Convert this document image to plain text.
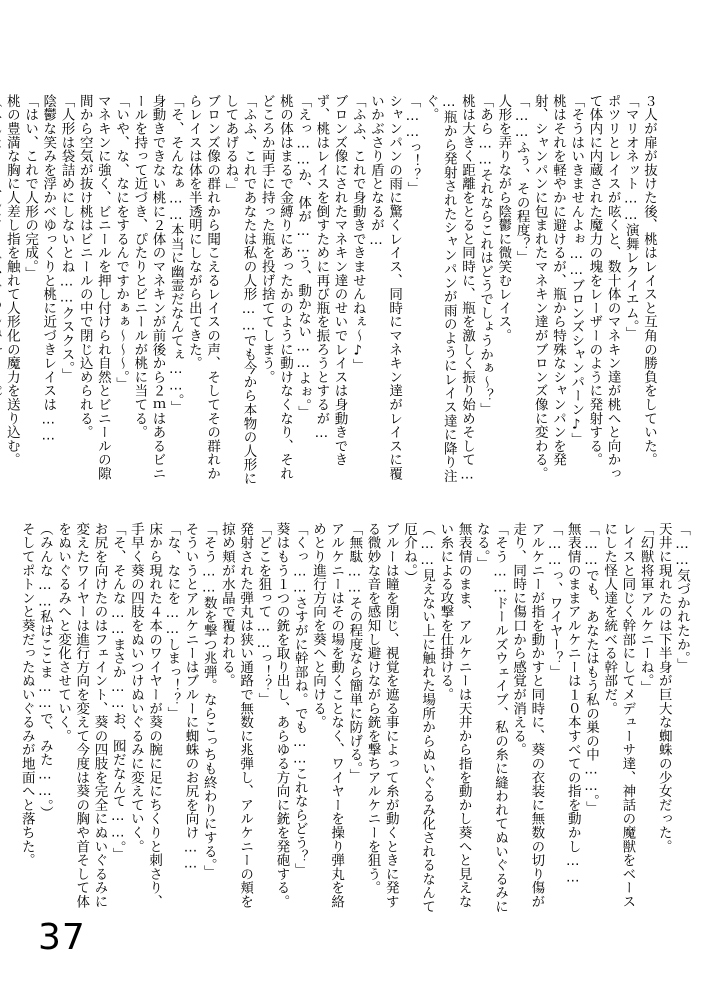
３人が扉が抜けた後、桃はレイスと互角の勝負をしていた。
「マリオネット……演舞レクイエム。」
ポツリとレイスが呟くと、数十体のマネキン達が桃へと向かって体内に内蔵された魔力の塊をレーザーのように発射する。
「そうはいきませんよぉ……ブロンズシャンパーン♪」
桃はそれを軽やかに避けるが、瓶から特殊なシャンパンを発射、シャンパンに包まれたマネキン達がブロンズ像に変わる。
「……ふぅ、その程度？」
人形を弄りながら陰鬱に微笑むレイス。
「あら……それならこれはどうでしょうかぁ～？」
桃は大きく距離をとると同時に、瓶を激しく振り始めそして…
…瓶から発射されたシャンパンが雨のようにレイス達に降り注ぐ。
「……っ！？」
シャンパンの雨に驚くレイス、同時にマネキン達がレイスに覆いかぶさり盾となるが…
「ふふ、これで身動きできませんねぇ～♪」
ブロンズ像にされたマネキン達のせいでレイスは身動きできず、桃はレイスを倒すために再び瓶を振ろうとするが…
「えっ……か、体が……う、動かない……よぉ。」
桃の体はまるで金縛りにあったかのように動けなくなり、それどころか両手に持った瓶を投げ捨ててしまう。
「ふふ、これであなたは私の人形……でも今から本物の人形にしてあげるね。」
ブロンズ像の群れから聞こえるレイスの声、そしてその群れからレイスは体を半透明にしながら出てきた。
「そ、そんなぁ……本当に幽霊だなんてぇ……。」
身動きできない桃に２体のマネキンが前後から２ｍはあるビニールを持って近づき、ぴたりとビニールが桃に当てる。
「いや、な、なにをするんですかぁぁ～～～。」
マネキンに強く、ビニールを押し付けられ自然とビニールの隙間から空気が抜け桃はビニールの中で閉じ込められる。
「人形は袋詰めにしないとね……クスクス。」
陰鬱な笑みを浮かべゆっくりと桃に近づきレイスは……
「はい、これで人形の完成。」
桃の豊満な胸に人差し指を触れて人形化の魔力を送り込む。
「……気づかれたか。」
天井に現れたのは下半身が巨大な蜘蛛の少女だった。
「幻獣将軍アルケニーね。」
レイスと同じく幹部にしてメデューサ達、神話の魔獣をベースにした怪人達を統べる幹部だ。
「……でも、あなたはもう私の巣の中……。」
無表情のままアルケニーは１０本すべての指を動かし……
「……っ、ワイヤー？」
アルケニーが指を動かすと同時に、葵の衣装に無数の切り傷が走り、同時に傷口から感覚が消える。
「そう……ドールズウェイブ、私の糸に縫われてぬいぐるみになる。」
無表情のまま、アルケニーは天井から指を動かし葵へと見えない糸による攻撃を仕掛ける。
（……見えない上に触れた場所からぬいぐるみ化されるなんて厄介ね。）
ブルーは瞳を閉じ、視覚を遮る事によって糸が動くときに発する微妙な音を感知し避けながら銃を撃ちアルケニーを狙う。
「無駄……その程度なら簡単に防げる。」
アルケニーはその場を動くことなく、ワイヤーを操り弾丸を絡めとり進行方向を葵へと向ける。
「くっ……さすがに幹部ね。でも……これならどう？」
葵はもう１つの銃を取り出し、あらゆる方向に銃を発砲する。
「どこを狙って……っ！？」
発射された弾丸は狭い通路で無数に兆弾し、アルケニーの頬を掠め頬が水晶で覆われる。
「そう……数を撃つ兆弾。ならこっちも終わりにする。」
そういうとアルケニーはブルーに蜘蛛のお尻を向け……
「な、なにを……しまっ！？」
床から現れた４本のワイヤーが葵の腕に足にちくりと刺さり、手早く葵の四肢をぬいつけぬいぐるみに変えていく。
「そ、そんな……まさか……お、囮だなんて……。」
お尻を向けたのはフェイント、葵の四肢を完全にぬいぐるみに変えたワイヤーは進行方向を変えて今度は葵の胸や首そして体をぬいぐるみへと変化させていく。
（みんな……私はここま……で、みた……。）
そしてポトンと葵だったぬいぐるみが地面へと落ちた。
37
